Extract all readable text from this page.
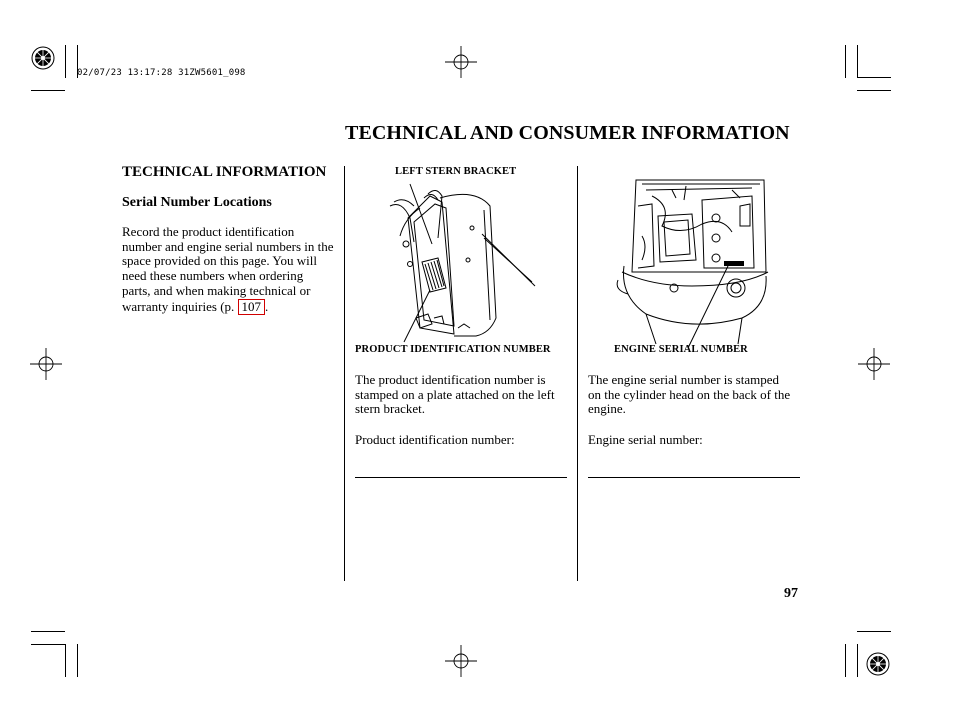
02/07/23 13:17:28 31ZW5601_098
TECHNICAL AND CONSUMER INFORMATION
TECHNICAL INFORMATION
Serial Number Locations
Record the product identification number and engine serial numbers in the space provided on this page. You will need these numbers when ordering parts, and when making technical or warranty inquiries (p. 107 .
LEFT STERN BRACKET
PRODUCT IDENTIFICATION NUMBER	ENGINE SERIAL NUMBER
The product identification number is stamped on a plate attached on the left stern bracket.
The engine serial number is stamped on the cylinder head on the back of the engine.
Product identification number:	Engine serial number:
97
